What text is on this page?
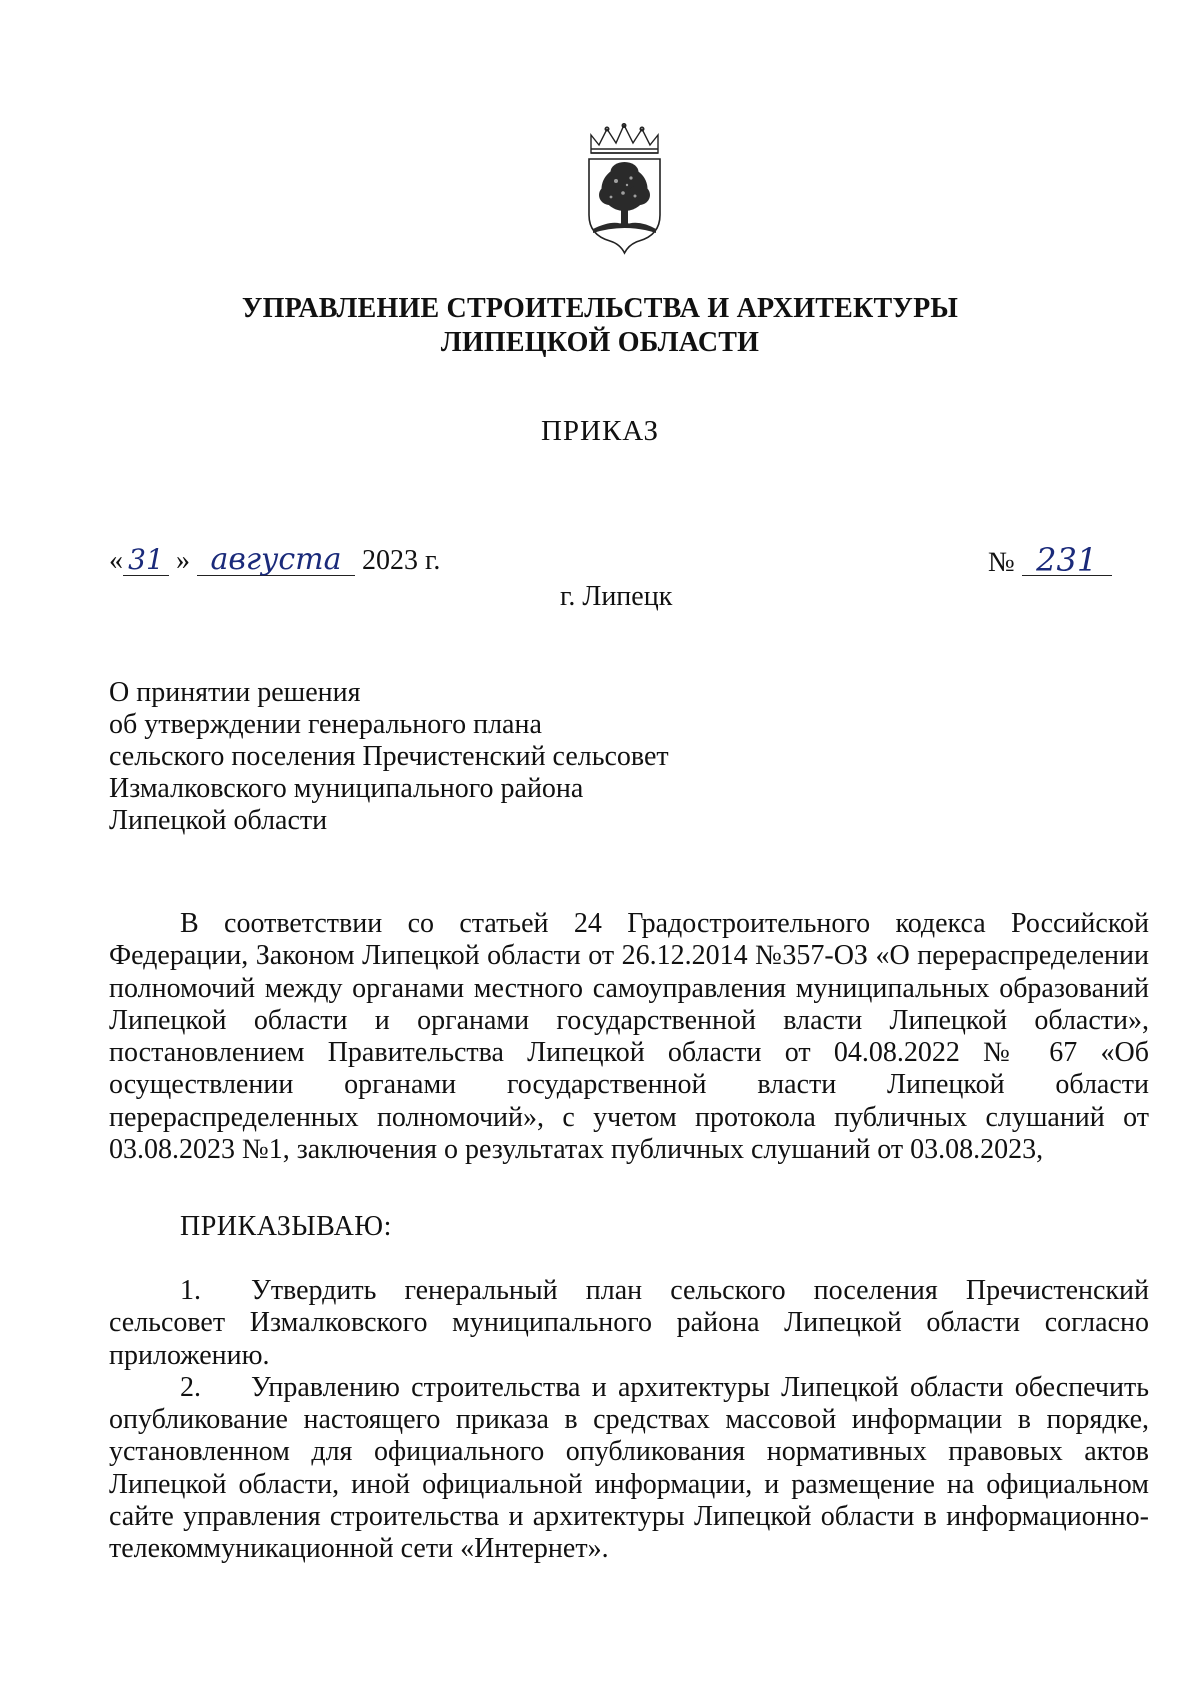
УПРАВЛЕНИЕ СТРОИТЕЛЬСТВА И АРХИТЕКТУРЫ
ЛИПЕЦКОЙ ОБЛАСТИ
ПРИКАЗ
« 31 » августа 2023 г.	№ 231
г. Липецк
О принятии решения
об утверждении генерального плана
сельского поселения Пречистенский сельсовет
Измалковского муниципального района
Липецкой области
В соответствии со статьей 24 Градостроительного кодекса Российской Федерации, Законом Липецкой области от 26.12.2014 №357-ОЗ «О перераспределении полномочий между органами местного самоуправления муниципальных образований Липецкой области и органами государственной власти Липецкой области», постановлением Правительства Липецкой области от 04.08.2022 № 67 «Об осуществлении органами государственной власти Липецкой области перераспределенных полномочий», с учетом протокола публичных слушаний от 03.08.2023 №1, заключения о результатах публичных слушаний от 03.08.2023,
ПРИКАЗЫВАЮ:

1. Утвердить генеральный план сельского поселения Пречистенский сельсовет Измалковского муниципального района Липецкой области согласно приложению.

2. Управлению строительства и архитектуры Липецкой области обеспечить опубликование настоящего приказа в средствах массовой информации в порядке, установленном для официального опубликования нормативных правовых актов Липецкой области, иной официальной информации, и размещение на официальном сайте управления строительства и архитектуры Липецкой области в информационно-телекоммуникационной сети «Интернет».
